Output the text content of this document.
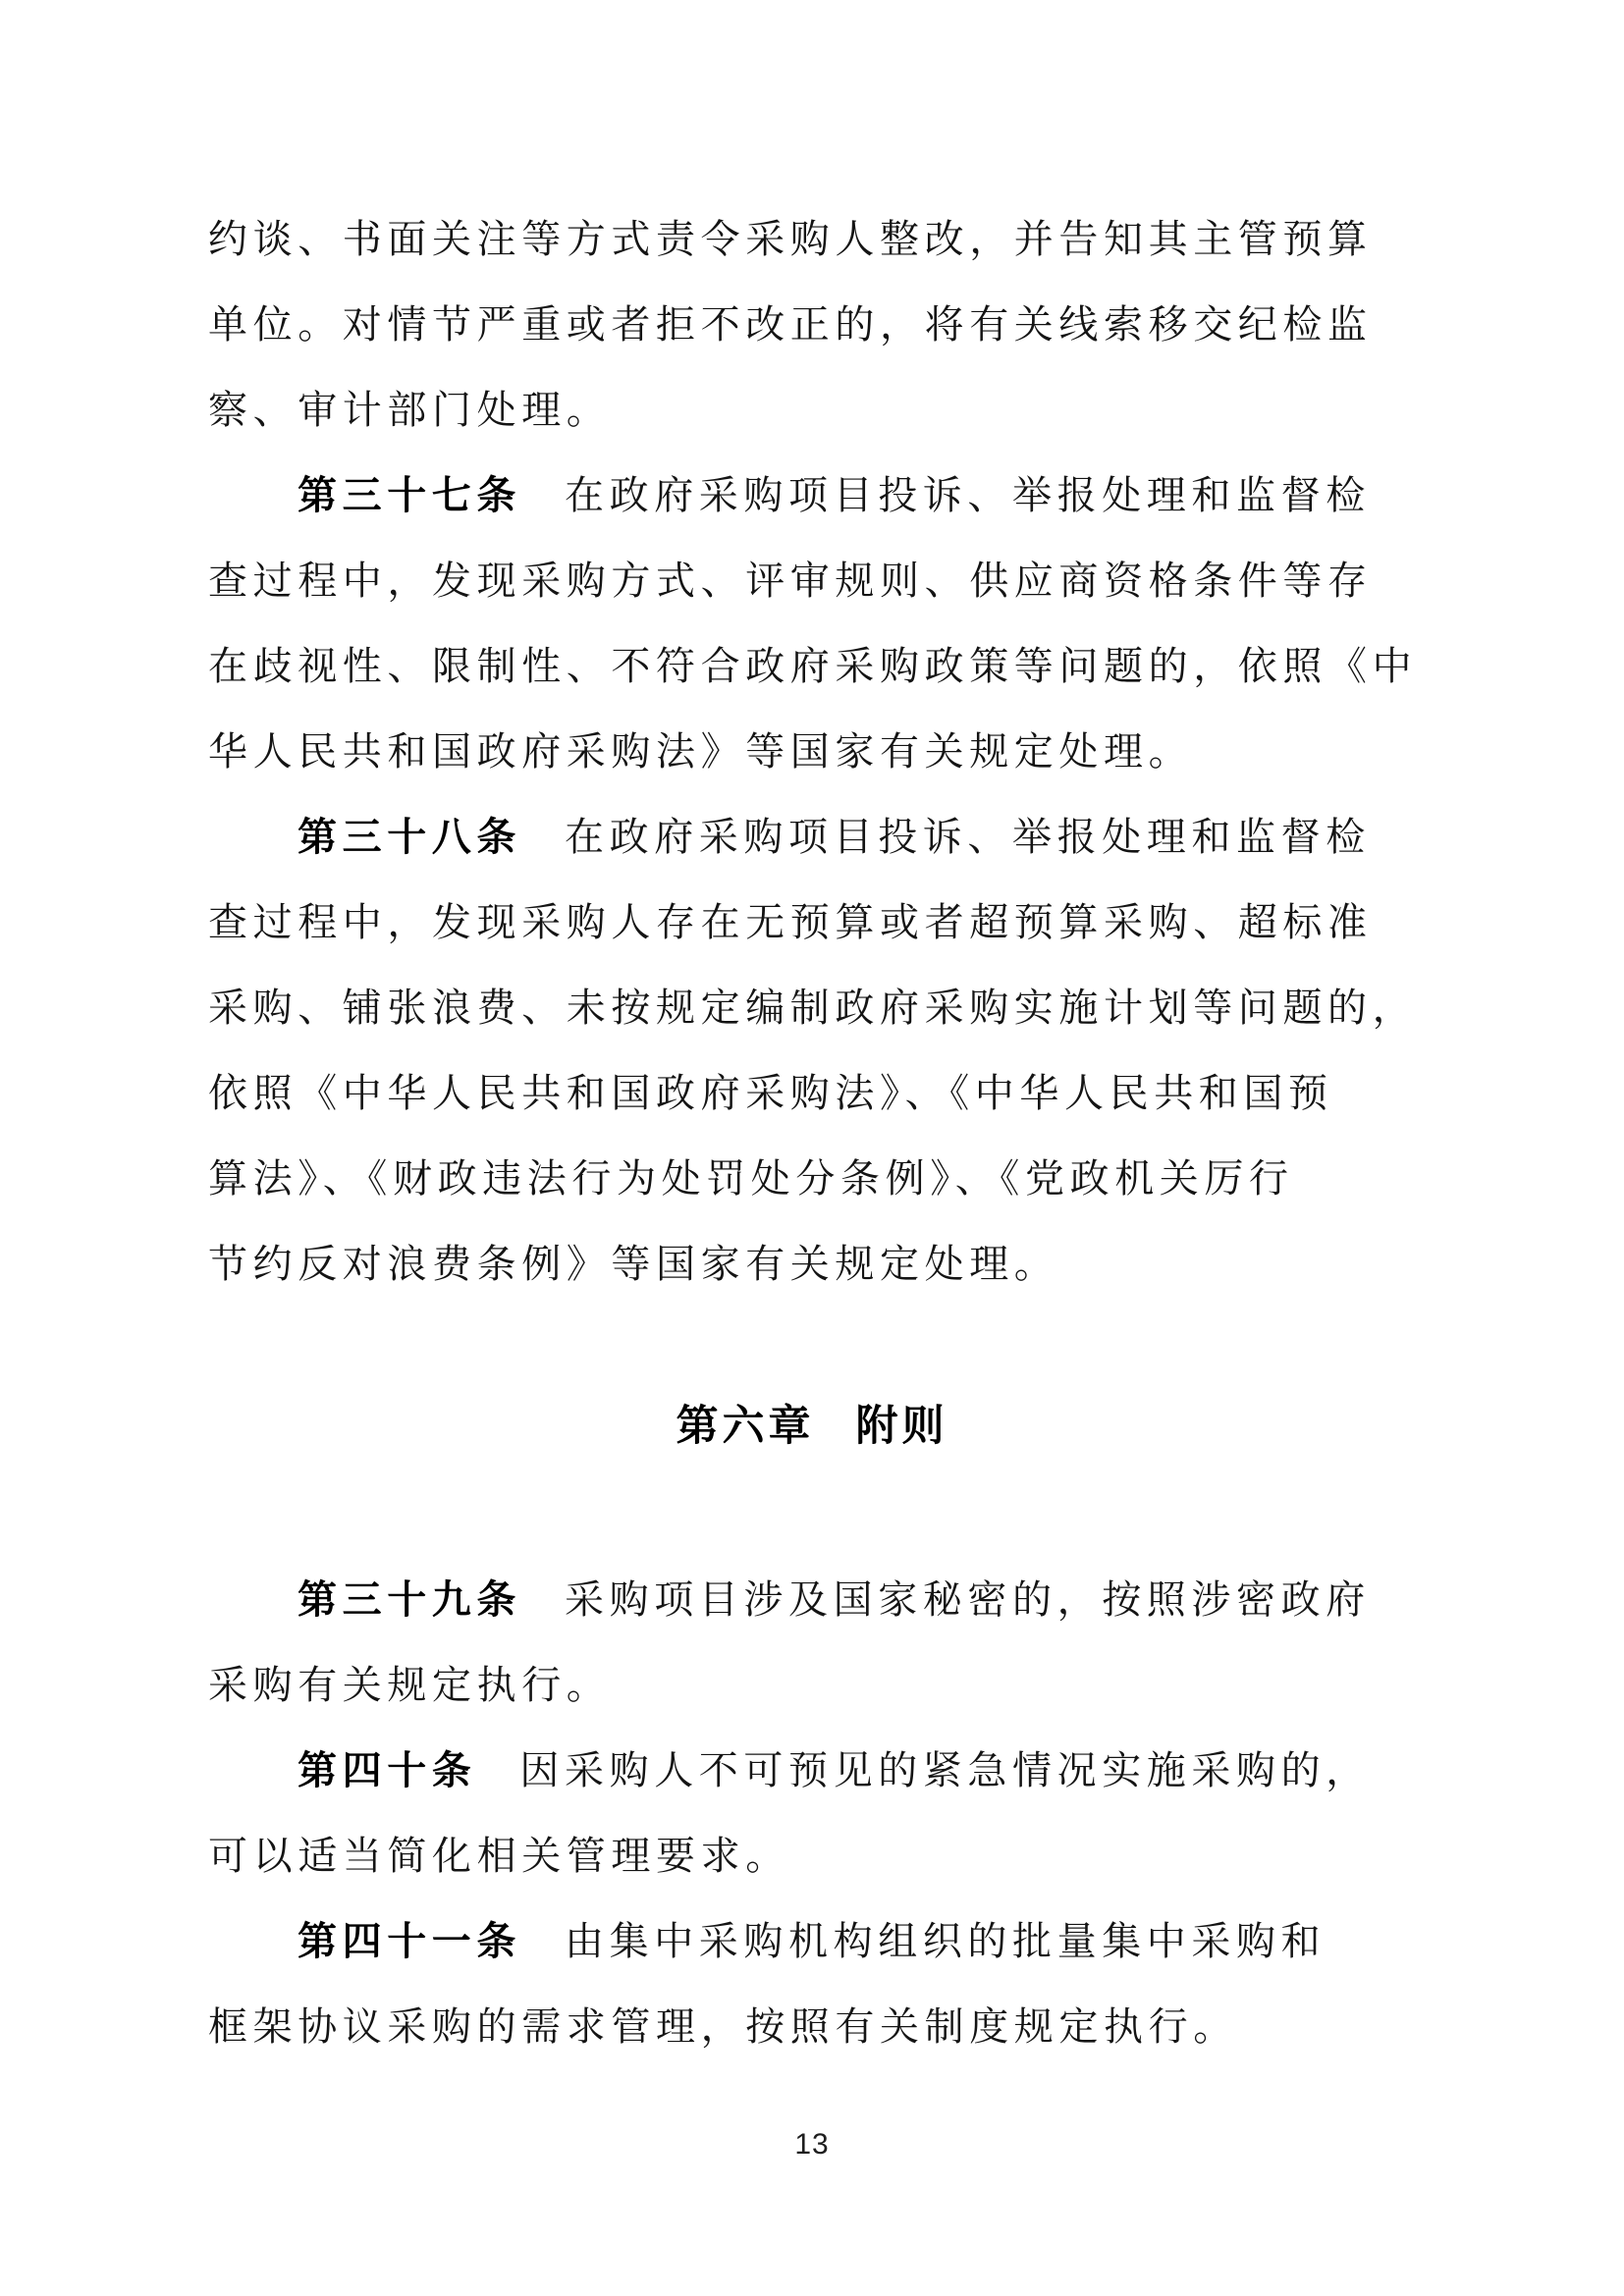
约谈、书面关注等方式责令采购人整改，并告知其主管预算
单位。对情节严重或者拒不改正的，将有关线索移交纪检监
察、审计部门处理。
第三十七条 在政府采购项目投诉、举报处理和监督检
查过程中，发现采购方式、评审规则、供应商资格条件等存
在歧视性、限制性、不符合政府采购政策等问题的，依照《中
华人民共和国政府采购法》等国家有关规定处理。
第三十八条 在政府采购项目投诉、举报处理和监督检
查过程中，发现采购人存在无预算或者超预算采购、超标准
采购、铺张浪费、未按规定编制政府采购实施计划等问题的，
依照《中华人民共和国政府采购法》、《中华人民共和国预
算法》、《财政违法行为处罚处分条例》、《党政机关厉行
节约反对浪费条例》等国家有关规定处理。
第六章 附则
第三十九条 采购项目涉及国家秘密的，按照涉密政府
采购有关规定执行。
第四十条 因采购人不可预见的紧急情况实施采购的，
可以适当简化相关管理要求。
第四十一条 由集中采购机构组织的批量集中采购和
框架协议采购的需求管理，按照有关制度规定执行。
13
